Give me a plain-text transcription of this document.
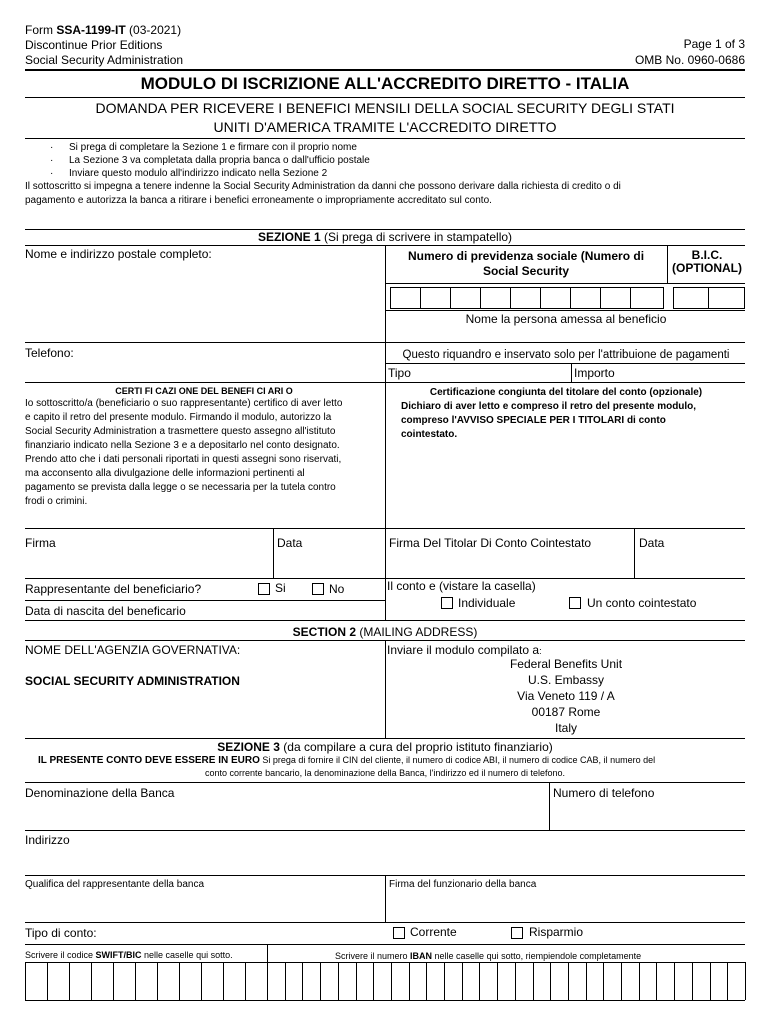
Form SSA-1199-IT (03-2021)
Discontinue Prior Editions
Social Security Administration
Page 1 of 3
OMB No. 0960-0686
MODULO DI ISCRIZIONE ALL'ACCREDITO DIRETTO - ITALIA
DOMANDA PER RICEVERE I BENEFICI MENSILI DELLA SOCIAL SECURITY DEGLI STATI
UNITI D'AMERICA TRAMITE L'ACCREDITO DIRETTO
· Si prega di completare la Sezione 1 e firmare con il proprio nome
· La Sezione 3 va completata dalla propria banca o dall'ufficio postale
· Inviare questo modulo all'indirizzo indicato nella Sezione 2
Il sottoscritto si impegna a tenere indenne la Social Security Administration da danni che possono derivare dalla richiesta di credito o di
pagamento e autorizza la banca a ritirare i benefici erroneamente o impropriamente accreditato sul conto.
SEZIONE 1 (Si prega di scrivere in stampatello)
Nome e indirizzo postale completo:	Numero di previdenza sociale (Numero di
Social Security
B.I.C.
(OPTIONAL)
Nome la persona amessa al beneficio
Telefono:	Questo riquandro e inservato solo per l'attribuione de pagamenti
Tipo	Importo
CERTI FI CAZI ONE DEL BENEFI CI ARI O
Io sottoscritto/a (beneficiario o suo rappresentante) certifico di aver letto
e capito il retro del presente modulo. Firmando il modulo, autorizzo la
Social Security Administration a trasmettere questo assegno all'istituto
finanziario indicato nella Sezione 3 e a depositarlo nel conto designato.
Prendo atto che i dati personali riportati in questi assegni sono riservati,
ma acconsento alla divulgazione delle informazioni pertinenti al
pagamento se prevista dalla legge o se necessaria per la tutela contro
frodi o crimini.
Certificazione congiunta del titolare del conto (opzionale)
Dichiaro di aver letto e compreso il retro del presente modulo,
compreso l'AVVISO SPECIALE PER I TITOLARI di conto
cointestato.
Firma	Data	Firma Del Titolar Di Conto Cointestato	Data
Rappresentante del beneficiario?	Si	No	Il conto e (vistare la casella)
Individuale	Un conto cointestato
Data di nascita del beneficario
SECTION 2 (MAILING ADDRESS)
NOME DELL'AGENZIA GOVERNATIVA:
SOCIAL SECURITY ADMINISTRATION
Inviare il modulo compilato a:
Federal Benefits Unit
U.S. Embassy
Via Veneto 119 / A
00187 Rome
Italy
SEZIONE 3 (da compilare a cura del proprio istituto finanziario)
IL PRESENTE CONTO DEVE ESSERE IN EURO Si prega di fornire il CIN del cliente, il numero di codice ABI, il numero di codice CAB, il numero del
conto corrente bancario, la denominazione della Banca, l'indirizzo ed il numero di telefono.
Denominazione della Banca	Numero di telefono
Indirizzo
Qualifica del rappresentante della banca	Firma del funzionario della banca
Tipo di conto:	Corrente	Risparmio
Scrivere il codice SWIFT/BIC nelle caselle qui sotto.	Scrivere il numero IBAN nelle caselle qui sotto, riempiendole completamente
